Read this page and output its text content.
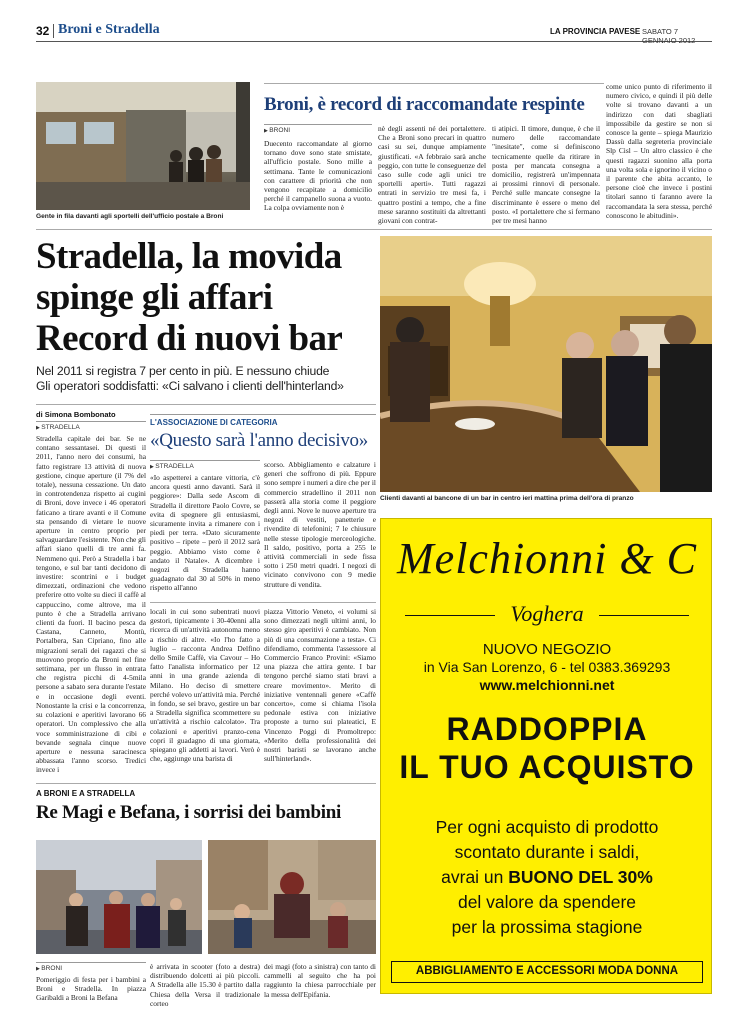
32 Broni e Stradella	LA PROVINCIA PAVESE SABATO 7 GENNAIO 2012
Gente in fila davanti agli sportelli dell'ufficio postale a Broni
Broni, è record di raccomandate respinte
▶ BRONI
Duecento raccomandate al giorno tornano dove sono state smistate, all'ufficio postale. Sono mille a settimana. Tante le comunicazioni con carattere di priorità che non vengono recapitate a domicilio perché il campanello suona a vuoto. La colpa ovviamente non è
nè degli assenti né dei portalettere. Che a Broni sono precari in quattro casi su sei, dunque ampiamente giustificati. «A febbraio sarà anche peggio, con tutte le conseguenze del caso sulle code agli unici tre sportelli aperti». Tutti ragazzi entrati in servizio tre mesi fa, i quattro postini a tempo, che a fine mese saranno sostituiti da altrettanti giovani con contrat-
ti atipici. Il timore, dunque, è che il numero delle raccomandate "inesitate", come si definiscono tecnicamente quelle da ritirare in posta per mancata consegna a domicilio, registrerà un'impennata ai prossimi rinnovi di personale. Perché sulle mancate consegne la discriminante è essere o meno del posto. «I portalettere che si fermano per tre mesi hanno
come unico punto di riferimento il numero civico, e quindi il più delle volte si trovano davanti a un indirizzo con dati sbagliati impossibile da gestire se non si conosce la gente – spiega Maurizio Dassù dalla segreteria provinciale Slp Cisl – Un altro classico è che questi ragazzi suonino alla porta una volta sola e ignorino il vicino o il parente che abita accanto, le persone cioè che invece i postini titolari sanno ti faranno avere la raccomandata la sera stessa, perché conoscono le abitudini».
Stradella, la movida
spinge gli affari
Record di nuovi bar
Nel 2011 si registra 7 per cento in più. E nessuno chiude
Gli operatori soddisfatti: «Ci salvano i clienti dell'hinterland»
di Simona Bombonato
▶ STRADELLA
Stradella capitale dei bar. Se ne contano sessantasei. Di questi il 2011, l'anno nero dei consumi, ha fatto registrare 13 attività di nuova gestione, cinque aperture (il 7% del totale), nessuna cessazione. Un dato in controtendenza rispetto ai cugini di Broni, dove invece i 46 operatori faticano a tirare avanti e il Comune sta pensando di vietare le nuove aperture in centro proprio per salvaguardare l'esistente. Non che gli affari siano quelli di tre anni fa. Nemmeno qui. Però a Stradella i bar tengono, e sul bar tanti decidono di investire: scontrini e i budget dimezzati, ordinazioni che vedono preferire otto volte su dieci il caffè al cappuccino, come altrove, ma il punto è che a Stradella arrivano clienti da fuori. Il bacino pesca da Castana, Canneto, Montù, Portalbera, San Cipriano, fino alle migrazioni serali dei ragazzi che si muovono proprio da Broni nel fine settimana, per un flusso in entrata che registra picchi di 4-5mila persone a sabato sera durante l'estate e in occasione degli eventi. Nonostante la crisi e la concorrenza, su colazioni e aperitivi lavorano 66 operatori. Un complessivo che alla voce somministrazione di cibi e bevande segnala cinque nuove aperture e nessuna saracinesca abbassata l'anno scorso. Tredici invece i
L'ASSOCIAZIONE DI CATEGORIA
«Questo sarà l'anno decisivo»
▶ STRADELLA
«Io aspetterei a cantare vittoria, c'è ancora questi anno davanti. Sarà il peggiore»: Dalla sede Ascom di Stradella il direttore Paolo Covre, se evita di spegnere gli entusiasmi, sicuramente invita a rimanere con i piedi per terra. «Dato sicuramente positivo – ripete – però il 2012 sarà peggio. Abbiamo visto come è andato il Natale». A dicembre i negozi di Stradella hanno guadagnato dal 30 al 50% in meno rispetto all'anno
scorso. Abbigliamento e calzature i generi che soffrono di più. Eppure sono sempre i numeri a dire che per il commercio stradellino il 2011 non passerà alla storia come il peggiore degli anni. Nove le nuove aperture tra negozi di vestiti, panetterie e rivendite di telefonini; 7 le chiusure nelle stesse tipologie merceologiche. Il saldo, positivo, porta a 255 le attività commerciali in sede fissa sotto i 250 metri quadri. I negozi di vicinato convivono con 9 medie strutture di vendita.
locali in cui sono subentrati nuovi gestori, tipicamente i 30-40enni alla ricerca di un'attività autonoma meno a rischio di altre. «Io l'ho fatto a luglio – racconta Andrea Delfino dello Smile Caffè, via Cavour – Ho fatto l'analista informatico per 12 anni in una grande azienda di Milano. Ho deciso di smettere perché volevo un'attività mia. Perché in fondo, se sei bravo, gestire un bar a Stradella significa scommettere su un'attività a rischio calcolato». Tra colazioni e aperitivi pranzo-cena copri il guadagno di una giornata, spiegano gli addetti ai lavori. Verò è che, aggiunge una barista di
piazza Vittorio Veneto, «i volumi si sono dimezzati negli ultimi anni, lo stesso giro aperitivi è cambiato. Non più di una consumazione a testa». Ci difendiamo, commenta l'assessore al Commercio Franco Provini: «Siamo una piazza che attira gente. I bar tengono perché siamo stati bravi a creare movimento». Merito di iniziative ventennali genere «Caffè concerto», come si chiama l'isola pedonale estiva con iniziative proposte a turno sui plateatici, E Vincenzo Poggi di Promoltrepo: «Merito della professionalità dei nostri baristi se lavorano anche sull'hinterland».
Clienti davanti al bancone di un bar in centro ieri mattina prima dell'ora di pranzo
Melchionni & C
Voghera
NUOVO NEGOZIO
in Via San Lorenzo, 6 - tel 0383.369293
www.melchionni.net
RADDOPPIA
IL TUO ACQUISTO
Per ogni acquisto di prodotto
scontato durante i saldi,
avrai un BUONO DEL 30%
del valore da spendere
per la prossima stagione
ABBIGLIAMENTO E ACCESSORI MODA DONNA
A BRONI E A STRADELLA
Re Magi e Befana, i sorrisi dei bambini
▶ BRONI
Pomeriggio di festa per i bambini a Broni e Stradella. In piazza Garibaldi a Broni la Befana
è arrivata in scooter (foto a destra) distribuendo dolcetti ai più piccoli. A Stradella alle 15.30 è partito dalla Chiesa della Versa il tradizionale corteo
dei magi (foto a sinistra) con tanto di cammelli al seguito che ha poi raggiunto la chiesa parrocchiale per la messa dell'Epifania.
